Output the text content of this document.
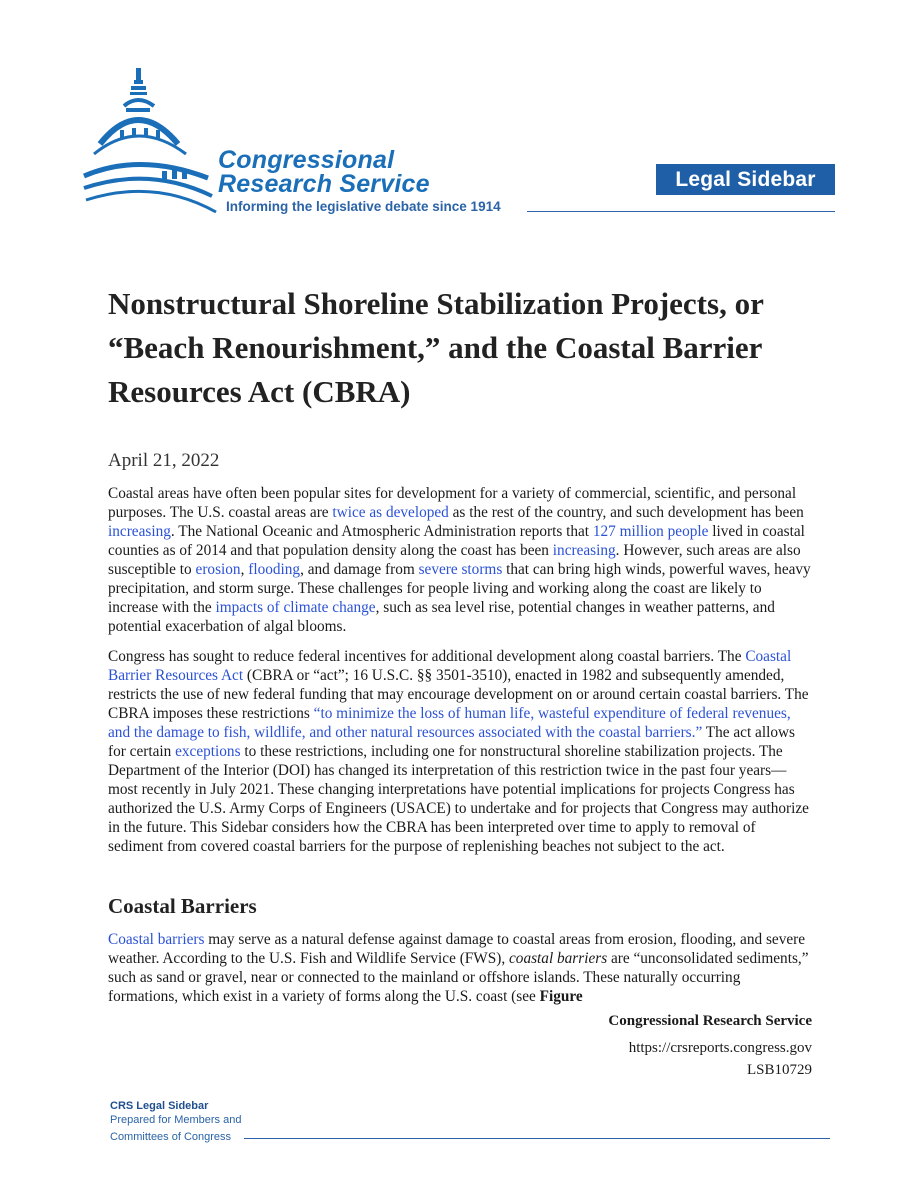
Congressional
Research Service
Informing the legislative debate since 1914
Legal Sidebar
Nonstructural Shoreline Stabilization Projects, or “Beach Renourishment,” and the Coastal Barrier Resources Act (CBRA)
April 21, 2022

Coastal areas have often been popular sites for development for a variety of commercial, scientific, and personal purposes. The U.S. coastal areas are twice as developed as the rest of the country, and such development has been increasing. The National Oceanic and Atmospheric Administration reports that 127 million people lived in coastal counties as of 2014 and that population density along the coast has been increasing. However, such areas are also susceptible to erosion, flooding, and damage from severe storms that can bring high winds, powerful waves, heavy precipitation, and storm surge. These challenges for people living and working along the coast are likely to increase with the impacts of climate change, such as sea level rise, potential changes in weather patterns, and potential exacerbation of algal blooms.

Congress has sought to reduce federal incentives for additional development along coastal barriers. The Coastal Barrier Resources Act (CBRA or “act”; 16 U.S.C. §§ 3501-3510), enacted in 1982 and subsequently amended, restricts the use of new federal funding that may encourage development on or around certain coastal barriers. The CBRA imposes these restrictions “to minimize the loss of human life, wasteful expenditure of federal revenues, and the damage to fish, wildlife, and other natural resources associated with the coastal barriers.” The act allows for certain exceptions to these restrictions, including one for nonstructural shoreline stabilization projects. The Department of the Interior (DOI) has changed its interpretation of this restriction twice in the past four years—most recently in July 2021. These changing interpretations have potential implications for projects Congress has authorized the U.S. Army Corps of Engineers (USACE) to undertake and for projects that Congress may authorize in the future. This Sidebar considers how the CBRA has been interpreted over time to apply to removal of sediment from covered coastal barriers for the purpose of replenishing beaches not subject to the act.

Coastal Barriers

Coastal barriers may serve as a natural defense against damage to coastal areas from erosion, flooding, and severe weather. According to the U.S. Fish and Wildlife Service (FWS), coastal barriers are “unconsolidated sediments,” such as sand or gravel, near or connected to the mainland or offshore islands. These naturally occurring formations, which exist in a variety of forms along the U.S. coast (see Figure

Congressional Research Service
https://crsreports.congress.gov
LSB10729
CRS Legal Sidebar
Prepared for Members and
Committees of Congress
